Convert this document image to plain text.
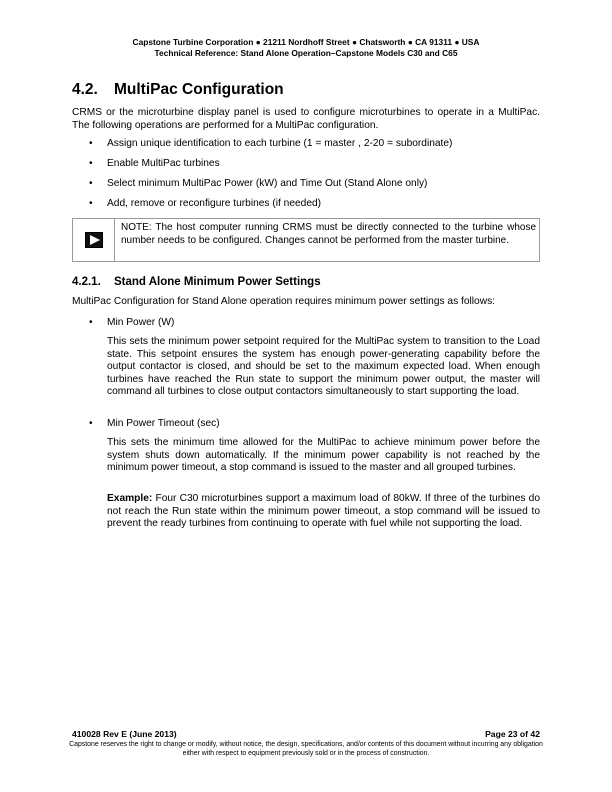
Capstone Turbine Corporation ● 21211 Nordhoff Street ● Chatsworth ● CA 91311 ● USA
Technical Reference: Stand Alone Operation–Capstone Models C30 and C65
4.2. MultiPac Configuration
CRMS or the microturbine display panel is used to configure microturbines to operate in a MultiPac. The following operations are performed for a MultiPac configuration.
• Assign unique identification to each turbine (1 = master , 2-20 = subordinate)
• Enable MultiPac turbines
• Select minimum MultiPac Power (kW) and Time Out (Stand Alone only)
• Add, remove or reconfigure turbines (if needed)
NOTE: The host computer running CRMS must be directly connected to the turbine whose number needs to be configured. Changes cannot be performed from the master turbine.
4.2.1. Stand Alone Minimum Power Settings
MultiPac Configuration for Stand Alone operation requires minimum power settings as follows:
• Min Power (W)
This sets the minimum power setpoint required for the MultiPac system to transition to the Load state. This setpoint ensures the system has enough power-generating capability before the output contactor is closed, and should be set to the maximum expected load. When enough turbines have reached the Run state to support the minimum power output, the master will command all turbines to close output contactors simultaneously to start supporting the load.
• Min Power Timeout (sec)
This sets the minimum time allowed for the MultiPac to achieve minimum power before the system shuts down automatically. If the minimum power capability is not reached by the minimum power timeout, a stop command is issued to the master and all grouped turbines.
Example: Four C30 microturbines support a maximum load of 80kW. If three of the turbines do not reach the Run state within the minimum power timeout, a stop command will be issued to prevent the ready turbines from continuing to operate with fuel while not supporting the load.
410028 Rev E (June 2013)	Page 23 of 42
Capstone reserves the right to change or modify, without notice, the design, specifications, and/or contents of this document without incurring any obligation either with respect to equipment previously sold or in the process of construction.
